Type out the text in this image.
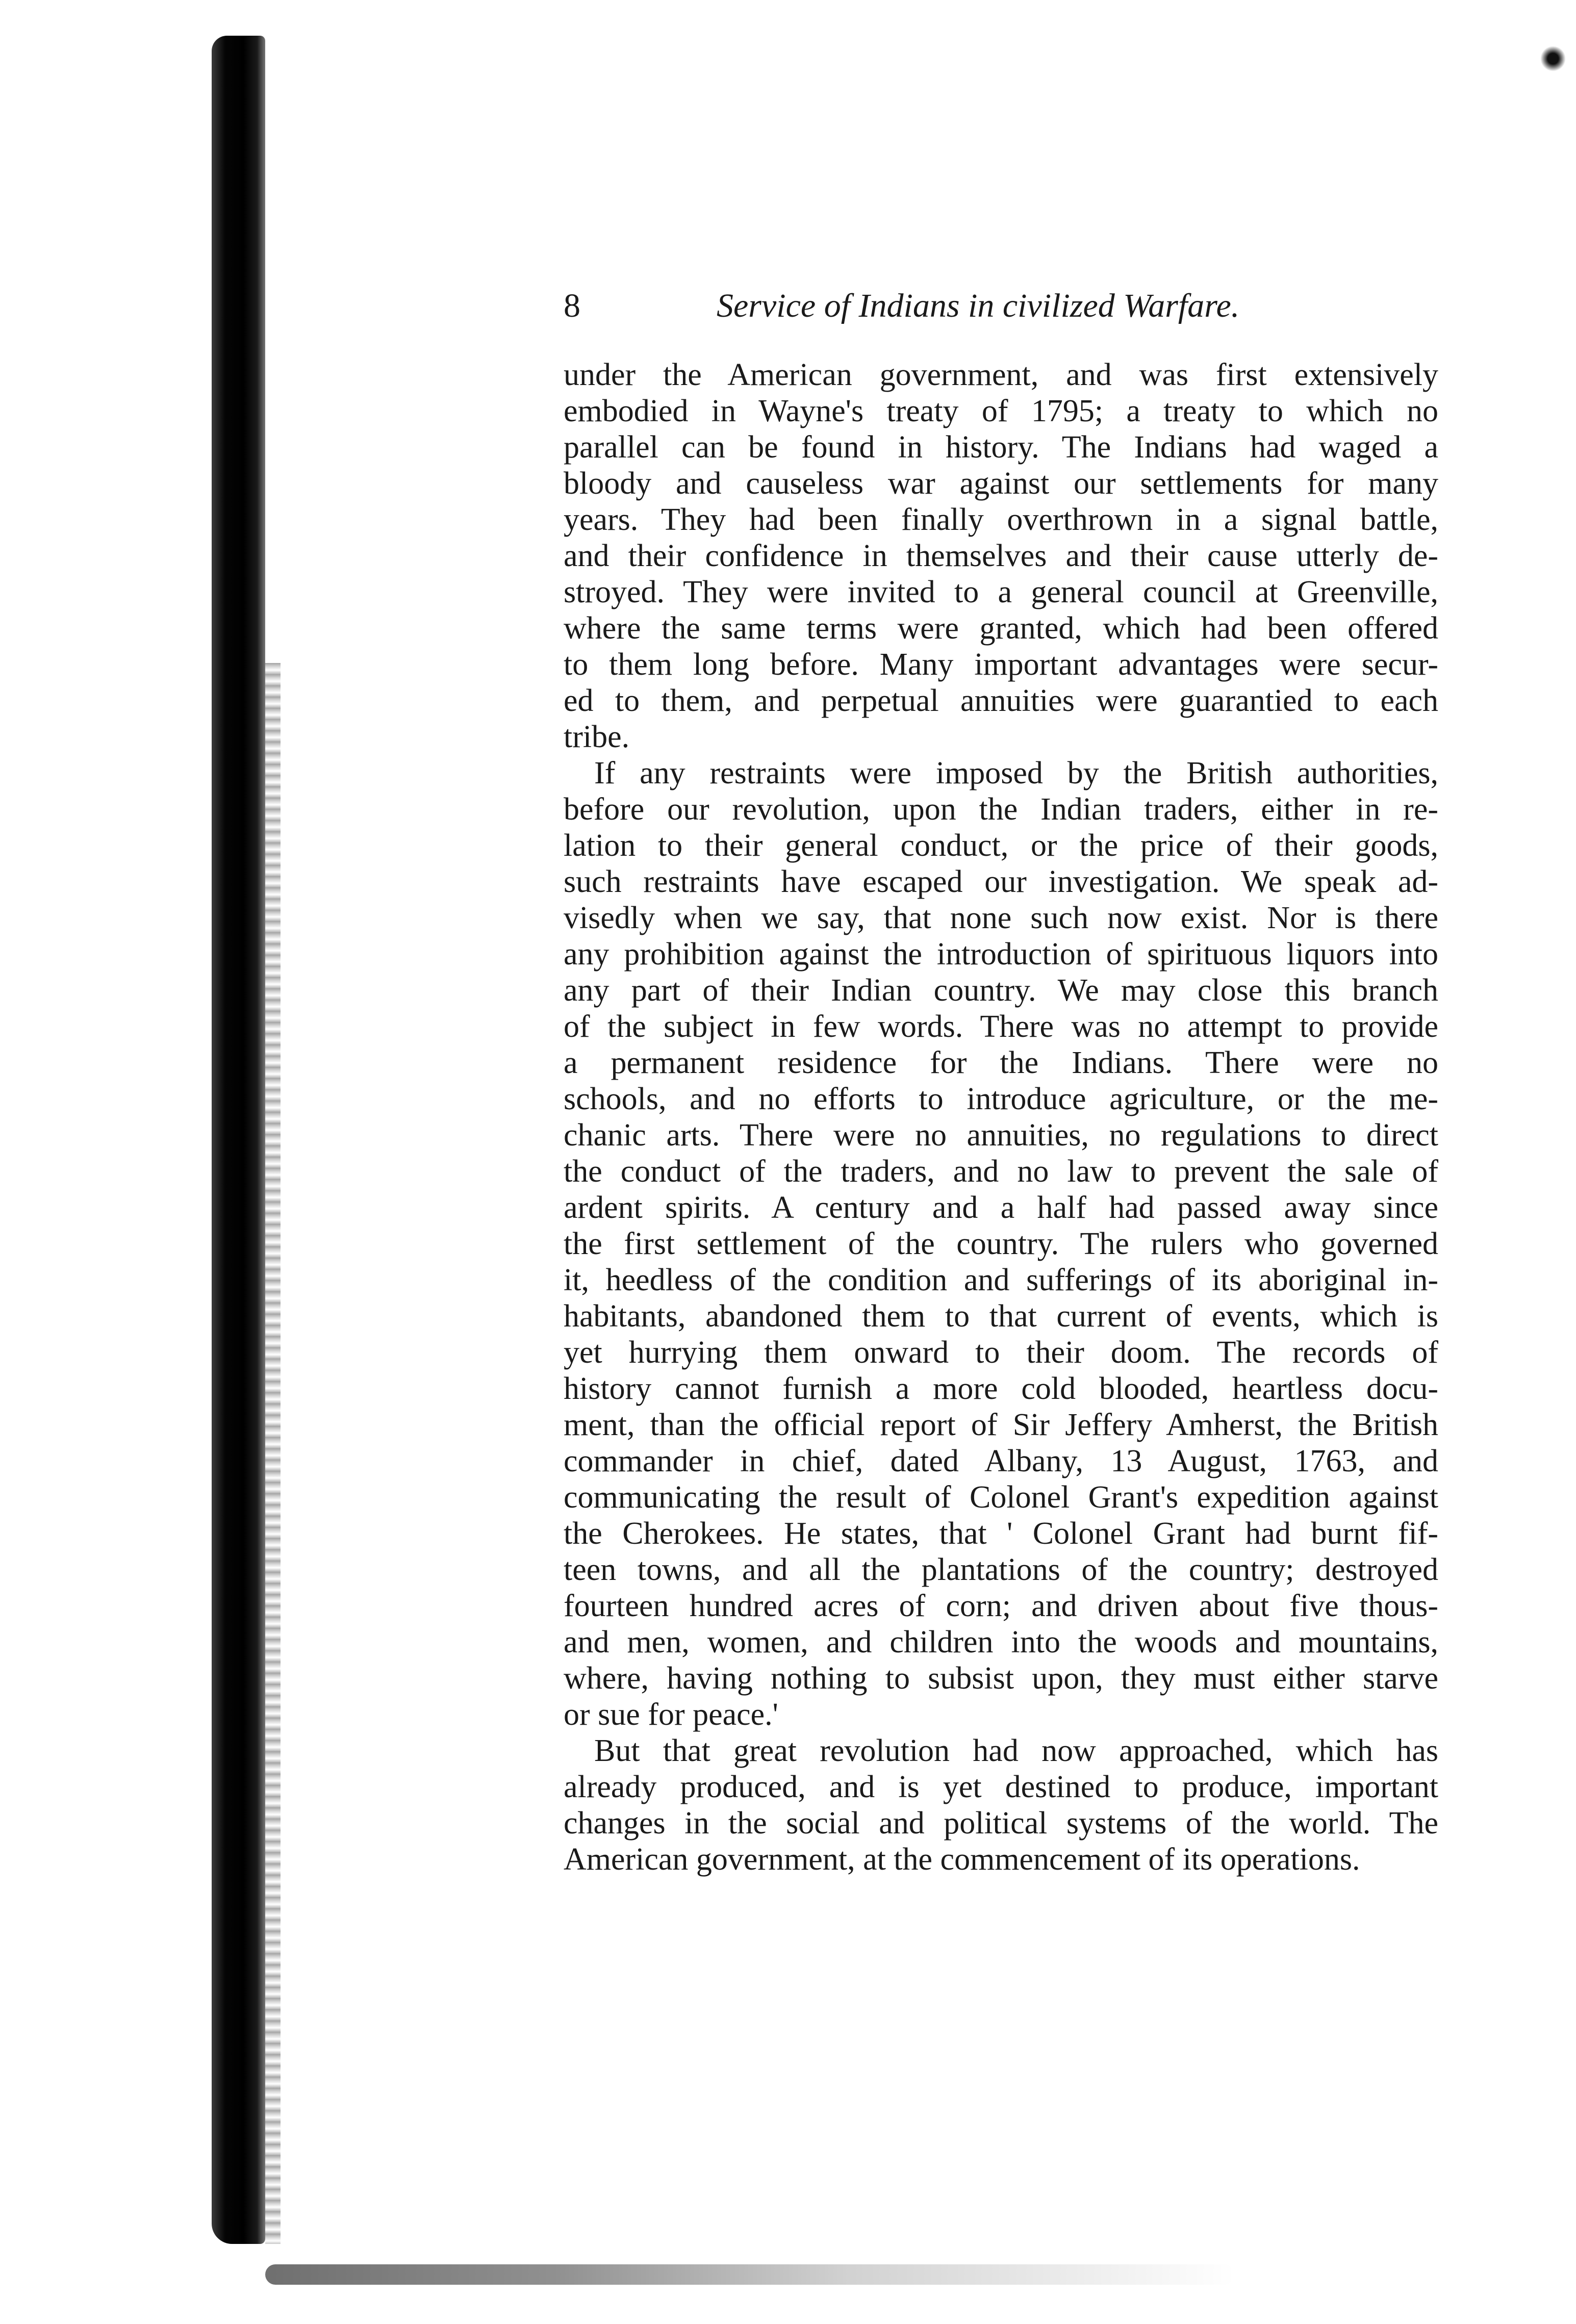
8	Service of Indians in civilized Warfare.

under the American government, and was first extensively
embodied in Wayne's treaty of 1795; a treaty to which no
parallel can be found in history. The Indians had waged a
bloody and causeless war against our settlements for many
years. They had been finally overthrown in a signal battle,
and their confidence in themselves and their cause utterly de-
stroyed. They were invited to a general council at Greenville,
where the same terms were granted, which had been offered
to them long before. Many important advantages were secur-
ed to them, and perpetual annuities were guarantied to each
tribe.

If any restraints were imposed by the British authorities,
before our revolution, upon the Indian traders, either in re-
lation to their general conduct, or the price of their goods,
such restraints have escaped our investigation. We speak ad-
visedly when we say, that none such now exist. Nor is there
any prohibition against the introduction of spirituous liquors into
any part of their Indian country. We may close this branch
of the subject in few words. There was no attempt to provide
a permanent residence for the Indians. There were no
schools, and no efforts to introduce agriculture, or the me-
chanic arts. There were no annuities, no regulations to direct
the conduct of the traders, and no law to prevent the sale of
ardent spirits. A century and a half had passed away since
the first settlement of the country. The rulers who governed
it, heedless of the condition and sufferings of its aboriginal in-
habitants, abandoned them to that current of events, which is
yet hurrying them onward to their doom. The records of
history cannot furnish a more cold blooded, heartless docu-
ment, than the official report of Sir Jeffery Amherst, the British
commander in chief, dated Albany, 13 August, 1763, and
communicating the result of Colonel Grant's expedition against
the Cherokees. He states, that ' Colonel Grant had burnt fif-
teen towns, and all the plantations of the country; destroyed
fourteen hundred acres of corn; and driven about five thous-
and men, women, and children into the woods and mountains,
where, having nothing to subsist upon, they must either starve
or sue for peace.'

But that great revolution had now approached, which has
already produced, and is yet destined to produce, important
changes in the social and political systems of the world. The
American government, at the commencement of its operations.
